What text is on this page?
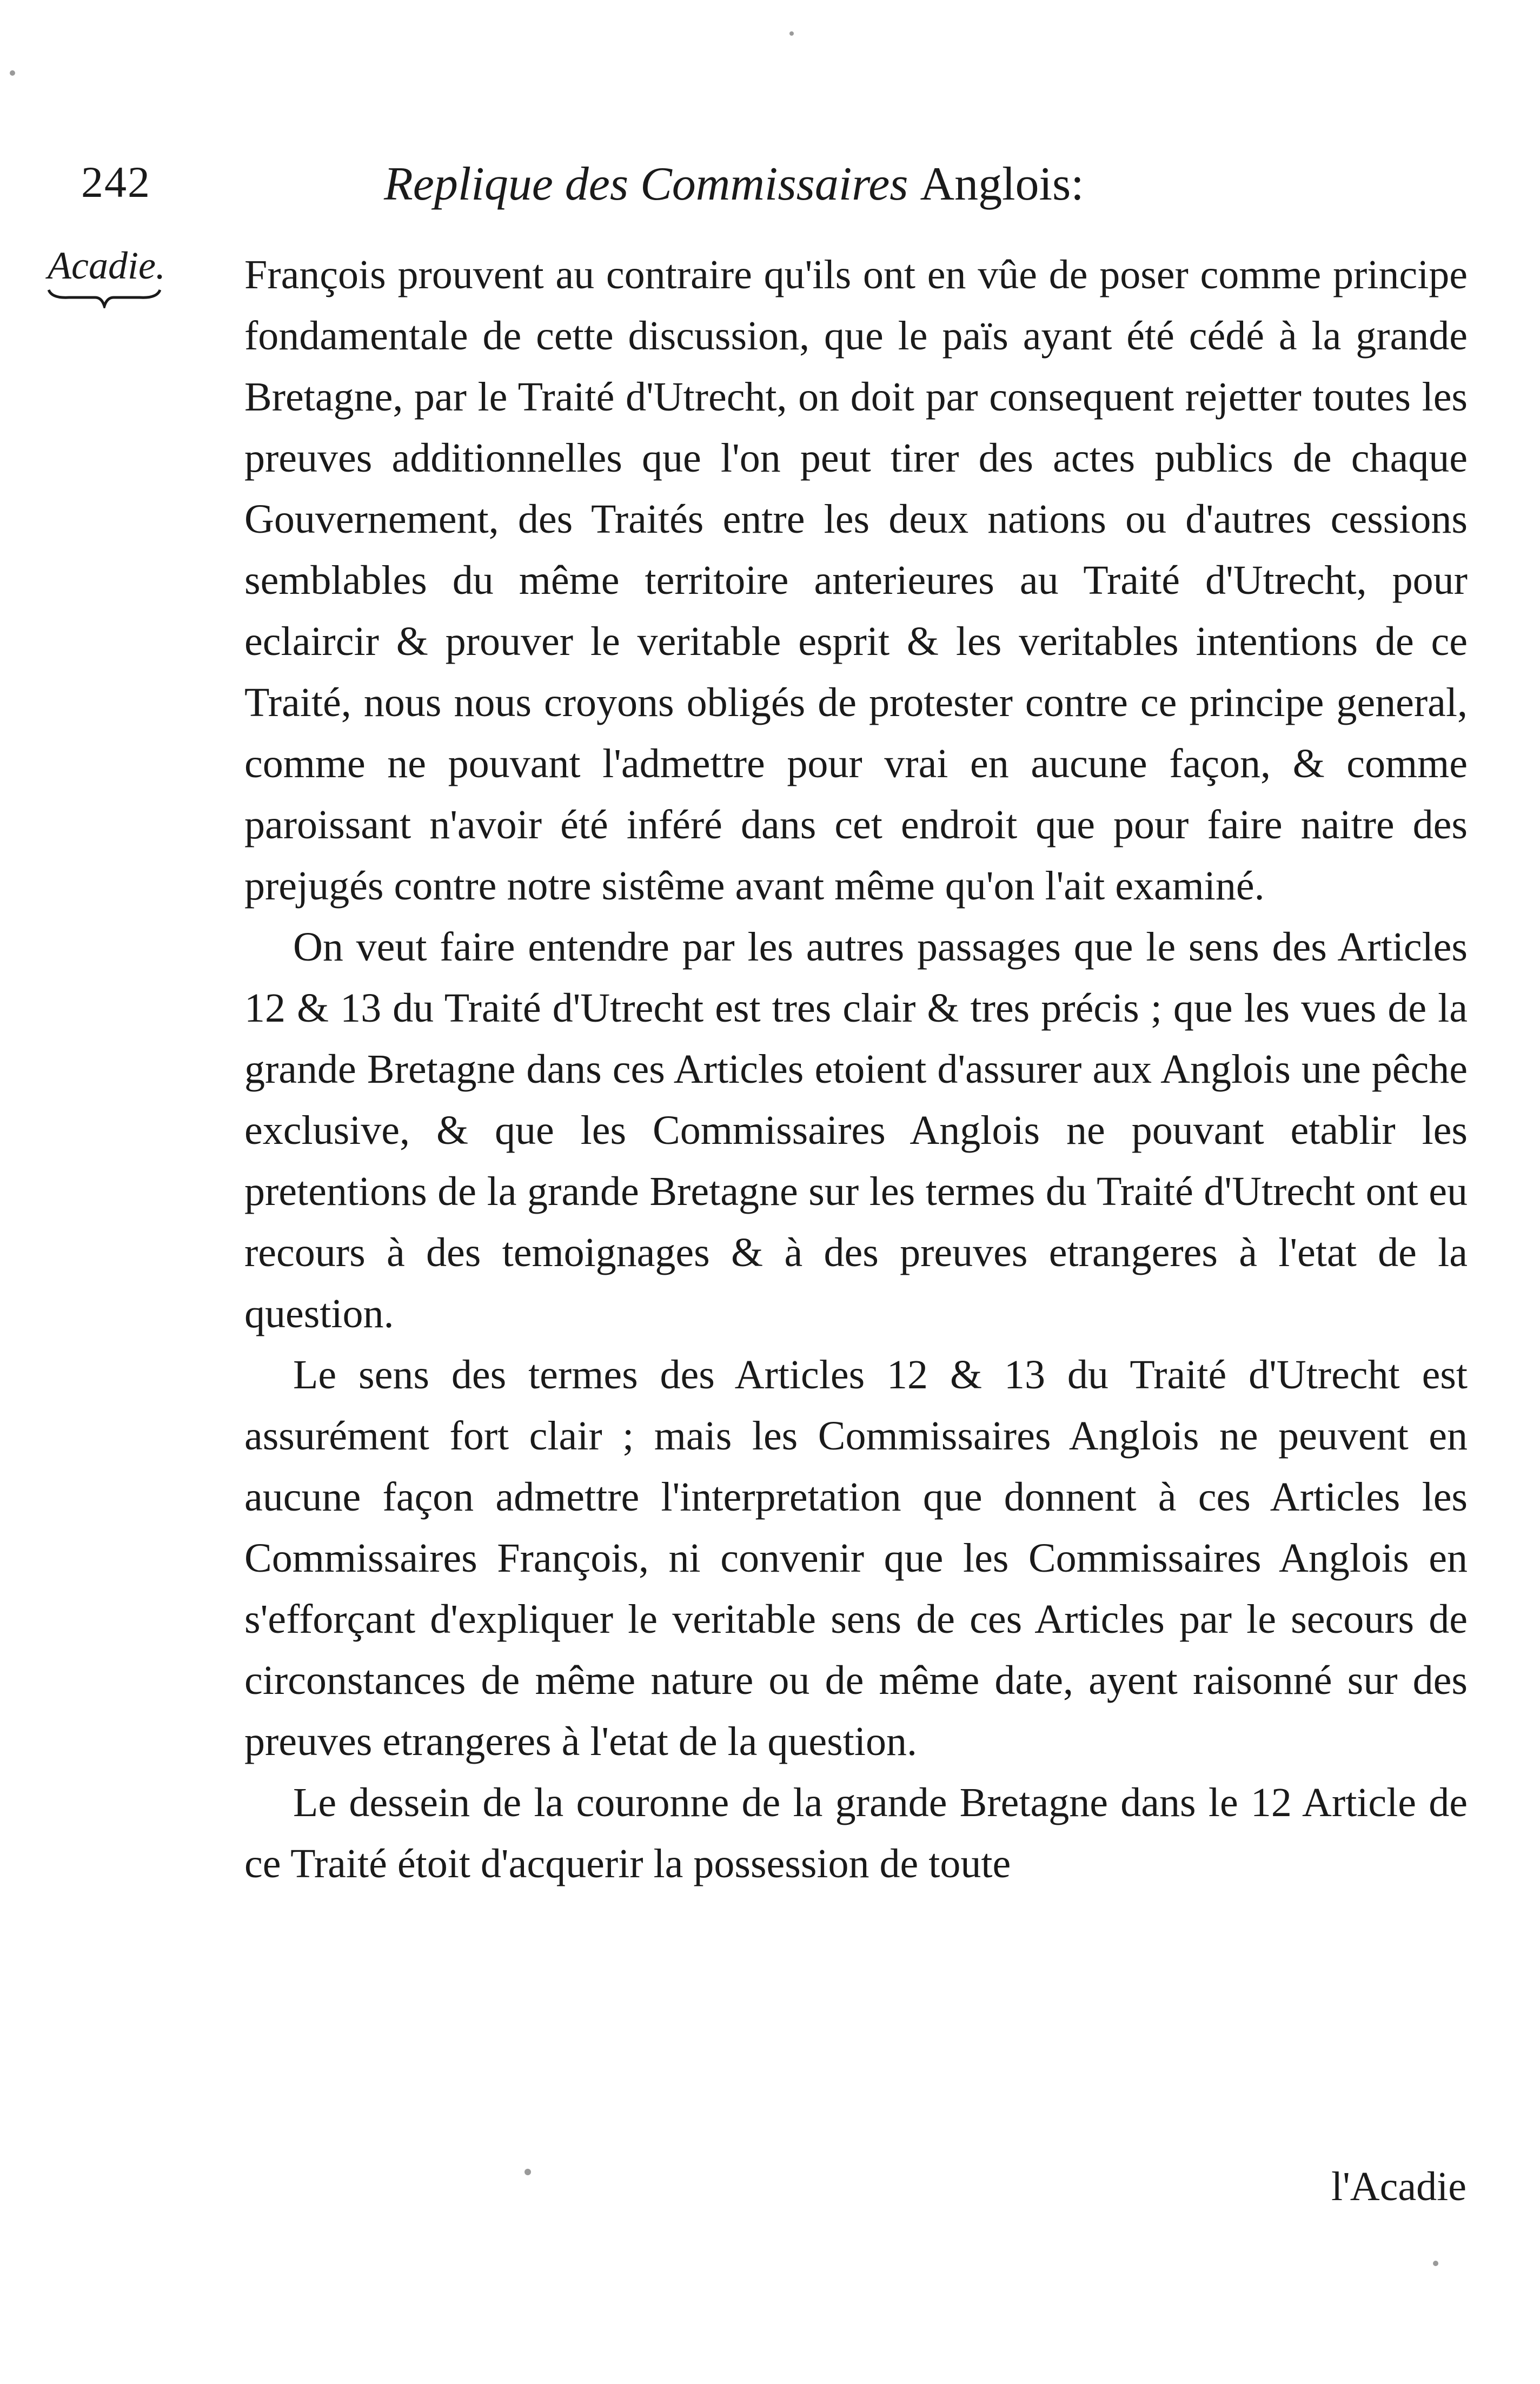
242	Replique des Commissaires Anglois:
Acadie. François prouvent au contraire qu'ils ont en vûe de poser comme principe fondamentale de cette discussion, que le païs ayant été cédé à la grande Bretagne, par le Traité d'Utrecht, on doit par consequent rejetter toutes les preuves additionnelles que l'on peut tirer des actes publics de chaque Gouvernement, des Traités entre les deux nations ou d'autres cessions semblables du même territoire anterieures au Traité d'Utrecht, pour eclaircir & prouver le veritable esprit & les veritables intentions de ce Traité, nous nous croyons obligés de protester contre ce principe general, comme ne pouvant l'admettre pour vrai en aucune façon, & comme paroissant n'avoir été inféré dans cet endroit que pour faire naitre des prejugés contre notre sistême avant même qu'on l'ait examiné.

On veut faire entendre par les autres passages que le sens des Articles 12 & 13 du Traité d'Utrecht est tres clair & tres précis ; que les vues de la grande Bretagne dans ces Articles etoient d'assurer aux Anglois une pêche exclusive, & que les Commissaires Anglois ne pouvant etablir les pretentions de la grande Bretagne sur les termes du Traité d'Utrecht ont eu recours à des temoignages & à des preuves etrangeres à l'etat de la question.

Le sens des termes des Articles 12 & 13 du Traité d'Utrecht est assurément fort clair ; mais les Commissaires Anglois ne peuvent en aucune façon admettre l'interpretation que donnent à ces Articles les Commissaires François, ni convenir que les Commissaires Anglois en s'efforçant d'expliquer le veritable sens de ces Articles par le secours de circonstances de même nature ou de même date, ayent raisonné sur des preuves etrangeres à l'etat de la question.

Le dessein de la couronne de la grande Bretagne dans le 12 Article de ce Traité étoit d'acquerir la possession de toute

l'Acadie
